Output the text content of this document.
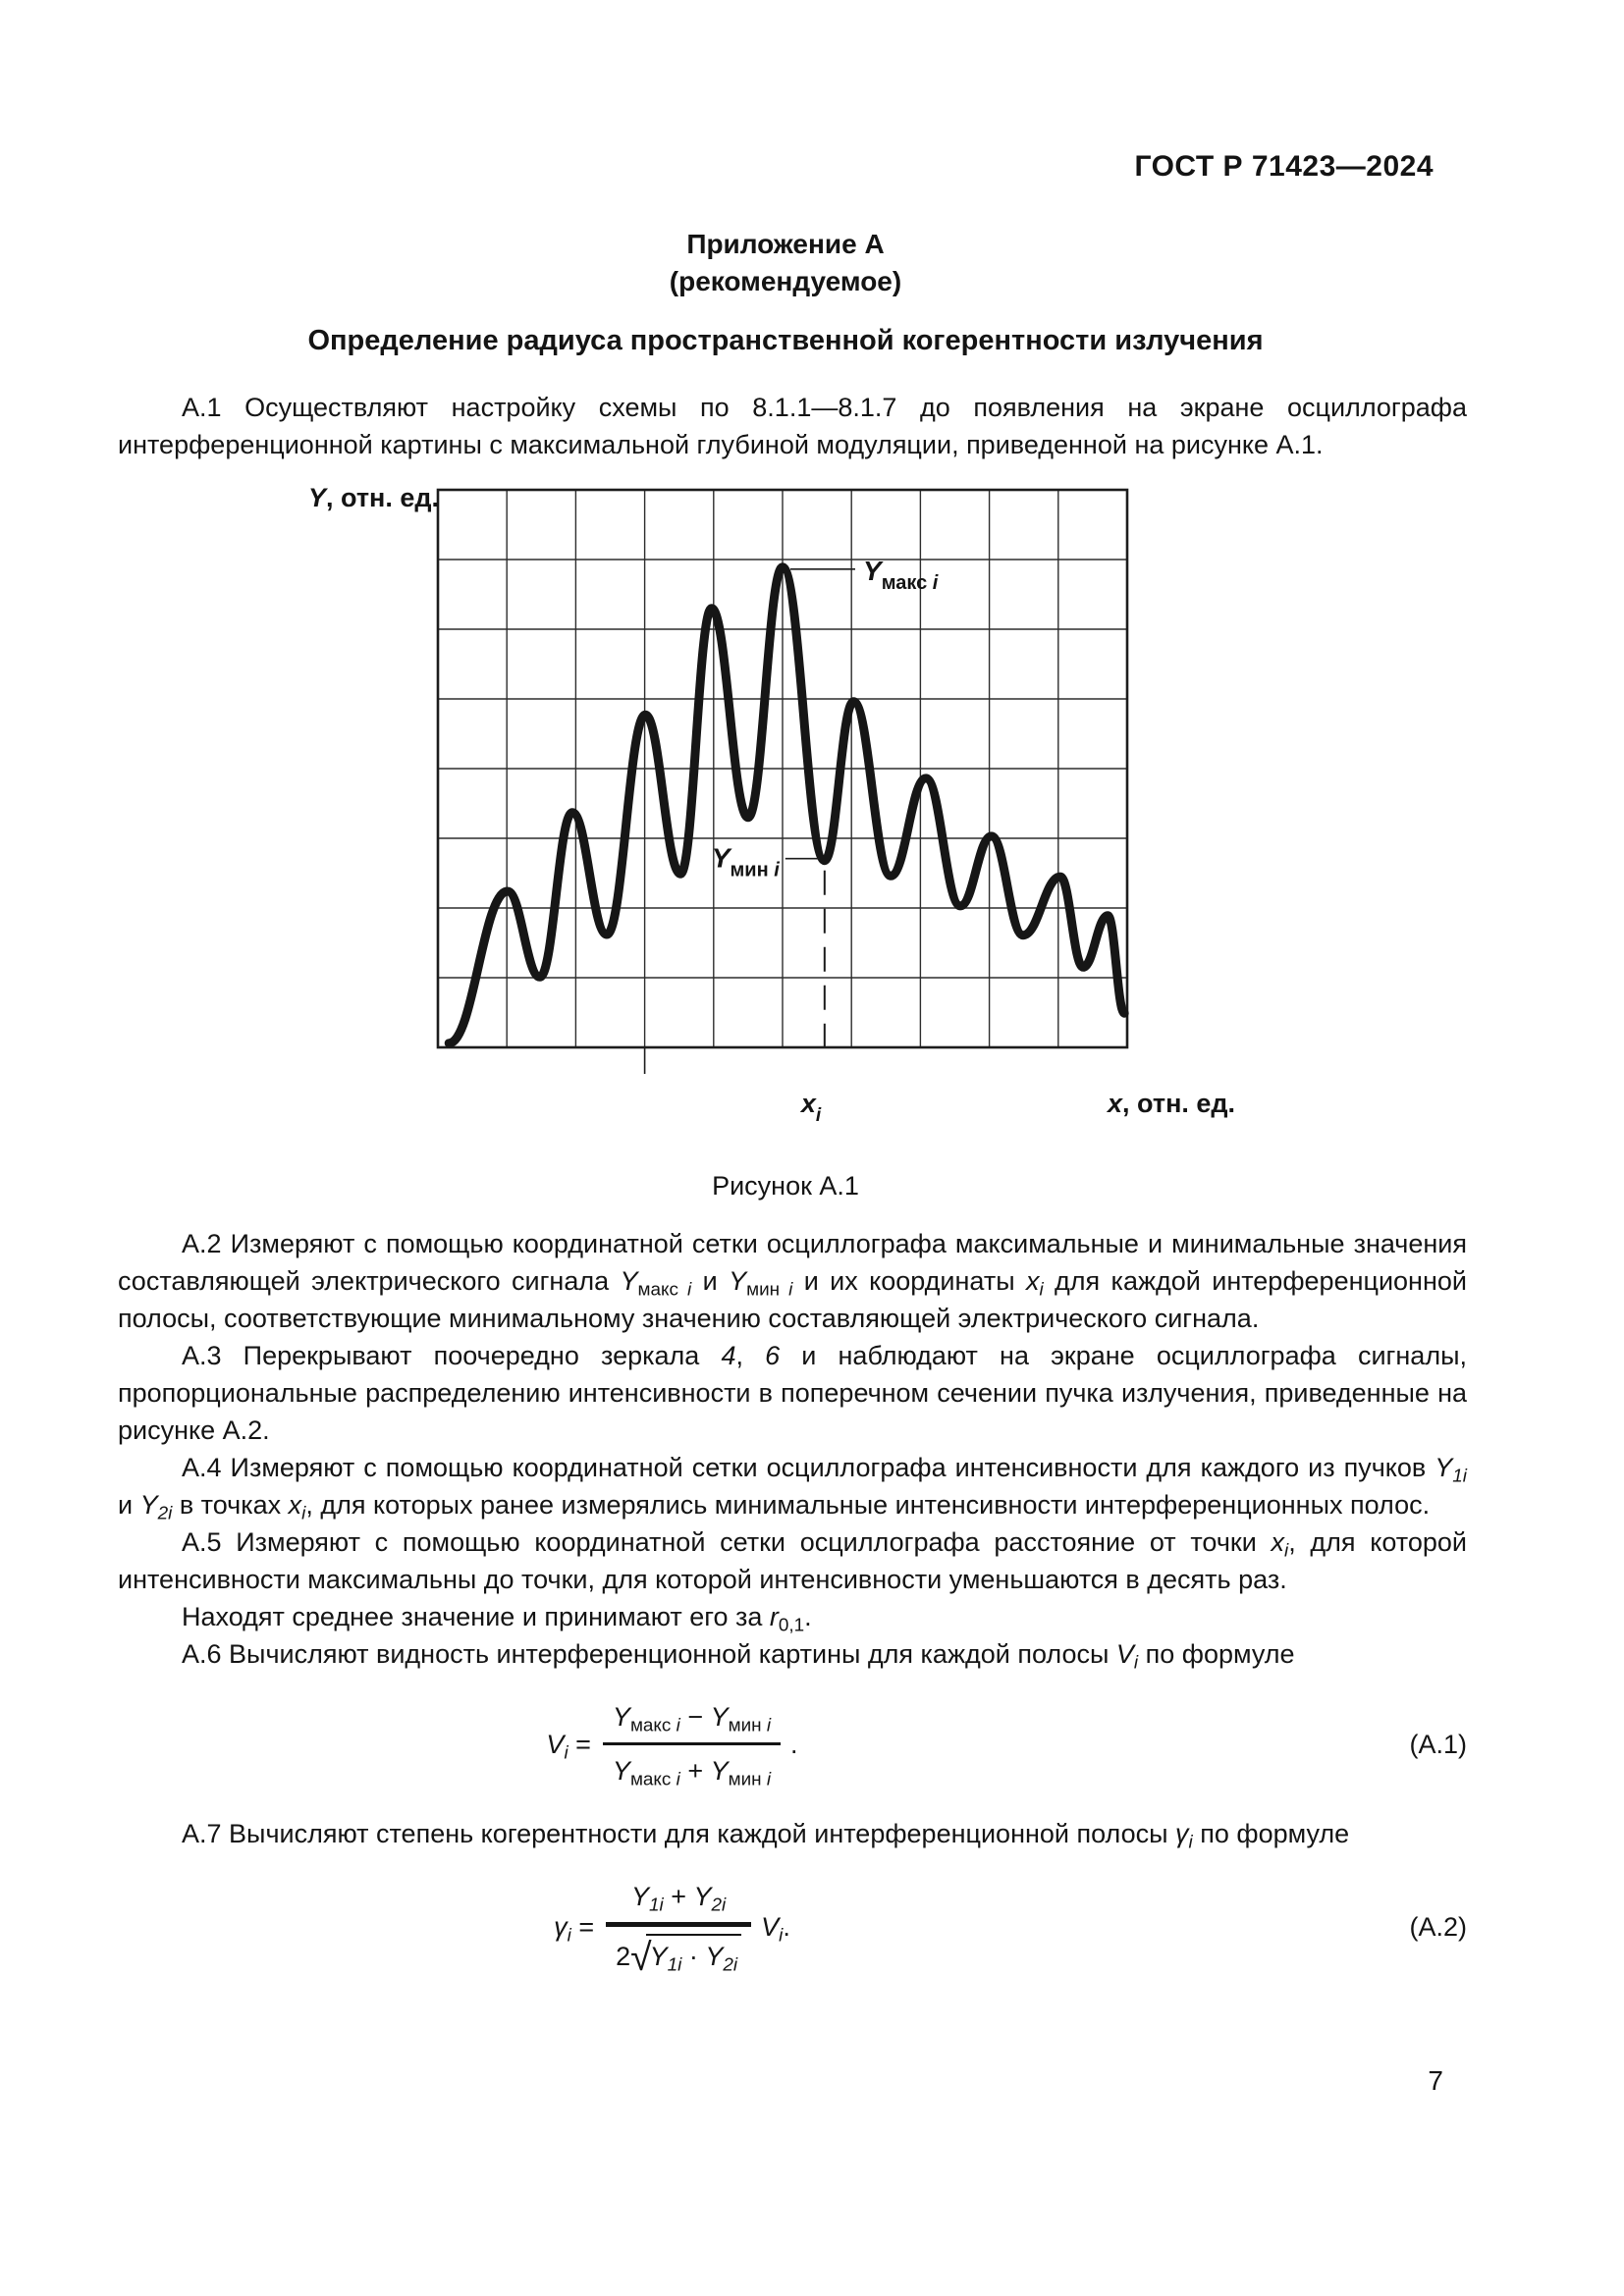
ГОСТ Р 71423—2024
Приложение А
(рекомендуемое)
Определение радиуса пространственной когерентности излучения

А.1 Осуществляют настройку схемы по 8.1.1—8.1.7 до появления на экране осциллографа интерференционной картины с максимальной глубиной модуляции, приведенной на рисунке А.1.

$Y_{макс}$ i
$Y_{мин}$ i
$x_i$
Y, отн. ед.
x, отн. ед.
Рисунок А.1

А.2 Измеряют с помощью координатной сетки осциллографа максимальные и минимальные значения составляющей электрического сигнала $Y_{макс}$ $_i$ и $Y_{мин}$ $_i$ и их координаты $x_i$ для каждой интерференционной полосы, соответствующие минимальному значению составляющей электрического сигнала.

А.3 Перекрывают поочередно зеркала 4, 6 и наблюдают на экране осциллографа сигналы, пропорциональные распределению интенсивности в поперечном сечении пучка излучения, приведенные на рисунке А.2.

А.4 Измеряют с помощью координатной сетки осциллографа интенсивности для каждого из пучков $Y_{1i}$ и $Y_{2i}$ в точках $x_i$, для которых ранее измерялись минимальные интенсивности интерференционных полос.

А.5 Измеряют с помощью координатной сетки осциллографа расстояние от точки $x_i$, для которой интенсивности максимальны до точки, для которой интенсивности уменьшаются в десять раз.

Находят среднее значение и принимают его за $r_{0,1}$.

А.6 Вычисляют видность интерференционной картины для каждой полосы $V_i$ по формуле

$V_i = \frac{Y_{макс} _i - Y_{мин} _i}{Y_{макс} _i + Y_{мин} _i}$ .	(А.1)

А.7 Вычисляют степень когерентности для каждой интерференционной полосы $\gamma_i$ по формуле

$\gamma_i = \frac{Y_{1i} + Y_{2i}}{2√Y_{1i} \cdot Y_{2i}} V_i$.	(А.2)
7
